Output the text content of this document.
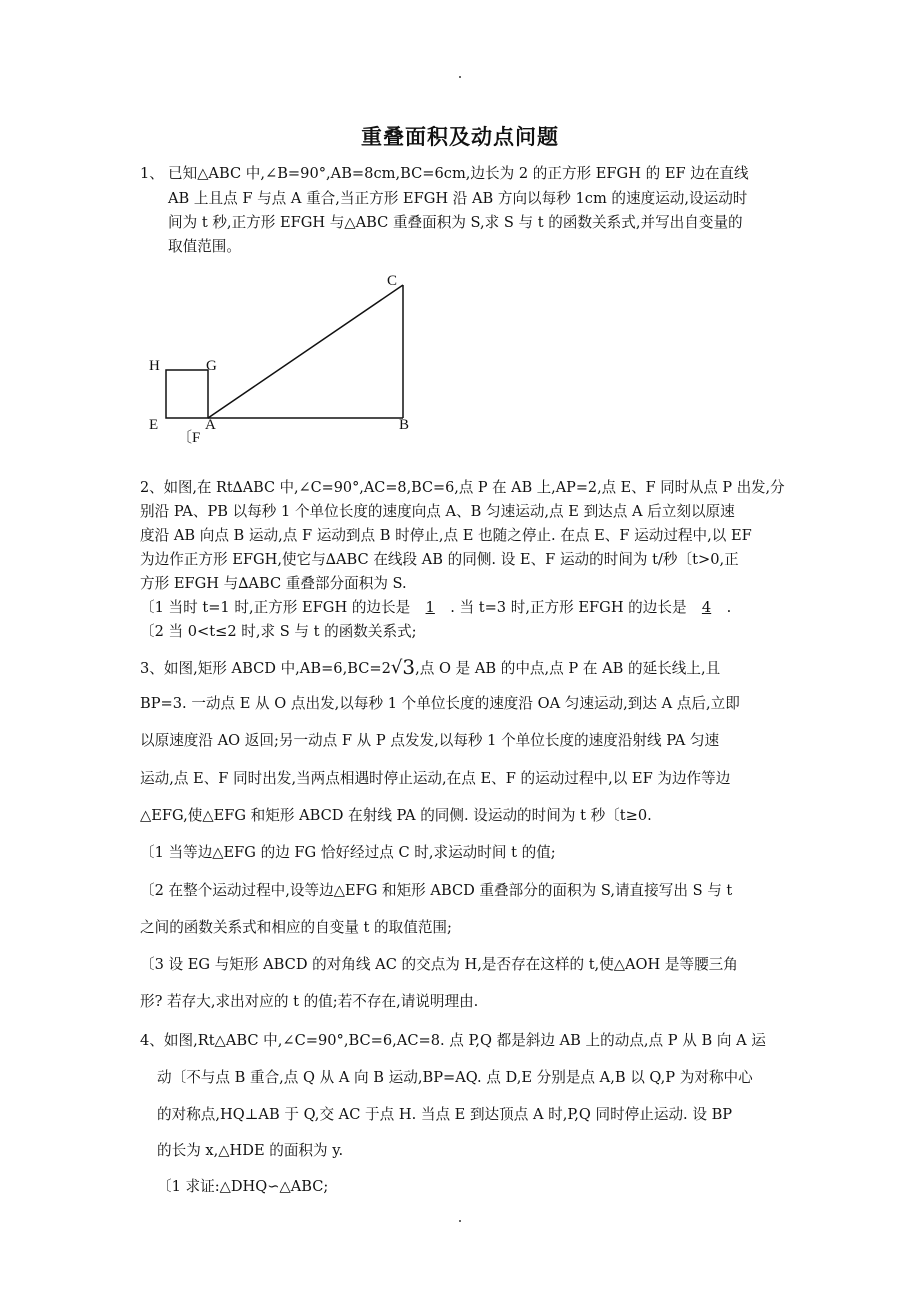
重叠面积及动点问题
1、 已知△ABC 中,∠B=90°,AB=8cm,BC=6cm,边长为 2 的正方形 EFGH 的 EF 边在直线
AB 上且点 F 与点 A 重合,当正方形 EFGH 沿 AB 方向以每秒 1cm 的速度运动,设运动时
间为 t 秒,正方形 EFGH 与△ABC 重叠面积为 S,求 S 与 t 的函数关系式,并写出自变量的
取值范围。
H	G
E	A
〔F
B
C
2、如图,在 Rt∆ABC 中,∠C=90°,AC=8,BC=6,点 P 在 AB 上,AP=2,点 E、F 同时从点 P 出发,分
别沿 PA、PB 以每秒 1 个单位长度的速度向点 A、B 匀速运动,点 E 到达点 A 后立刻以原速
度沿 AB 向点 B 运动,点 F 运动到点 B 时停止,点 E 也随之停止. 在点 E、F 运动过程中,以 EF
为边作正方形 EFGH,使它与∆ABC 在线段 AB 的同侧. 设 E、F 运动的时间为 t/秒〔t>0,正
方形 EFGH 与∆ABC 重叠部分面积为 S.
〔1 当时 t=1 时,正方形 EFGH 的边长是 1 . 当 t=3 时,正方形 EFGH 的边长是 4 .
〔2 当 0<t≤2 时,求 S 与 t 的函数关系式;
3、如图,矩形 ABCD 中,AB=6,BC=2√3,点 O 是 AB 的中点,点 P 在 AB 的延长线上,且
BP=3. 一动点 E 从 O 点出发,以每秒 1 个单位长度的速度沿 OA 匀速运动,到达 A 点后,立即
以原速度沿 AO 返回;另一动点 F 从 P 点发发,以每秒 1 个单位长度的速度沿射线 PA 匀速
运动,点 E、F 同时出发,当两点相遇时停止运动,在点 E、F 的运动过程中,以 EF 为边作等边
△EFG,使△EFG 和矩形 ABCD 在射线 PA 的同侧. 设运动的时间为 t 秒〔t≥0.
〔1 当等边△EFG 的边 FG 恰好经过点 C 时,求运动时间 t 的值;
〔2 在整个运动过程中,设等边△EFG 和矩形 ABCD 重叠部分的面积为 S,请直接写出 S 与 t
之间的函数关系式和相应的自变量 t 的取值范围;
〔3 设 EG 与矩形 ABCD 的对角线 AC 的交点为 H,是否存在这样的 t,使△AOH 是等腰三角
形? 若存大,求出对应的 t 的值;若不存在,请说明理由.
4、如图,Rt△ABC 中,∠C=90°,BC=6,AC=8. 点 P,Q 都是斜边 AB 上的动点,点 P 从 B 向 A 运
动〔不与点 B 重合,点 Q 从 A 向 B 运动,BP=AQ. 点 D,E 分别是点 A,B 以 Q,P 为对称中心
的对称点,HQ⊥AB 于 Q,交 AC 于点 H. 当点 E 到达顶点 A 时,P,Q 同时停止运动. 设 BP
的长为 x,△HDE 的面积为 y.
〔1 求证:△DHQ∽△ABC;
